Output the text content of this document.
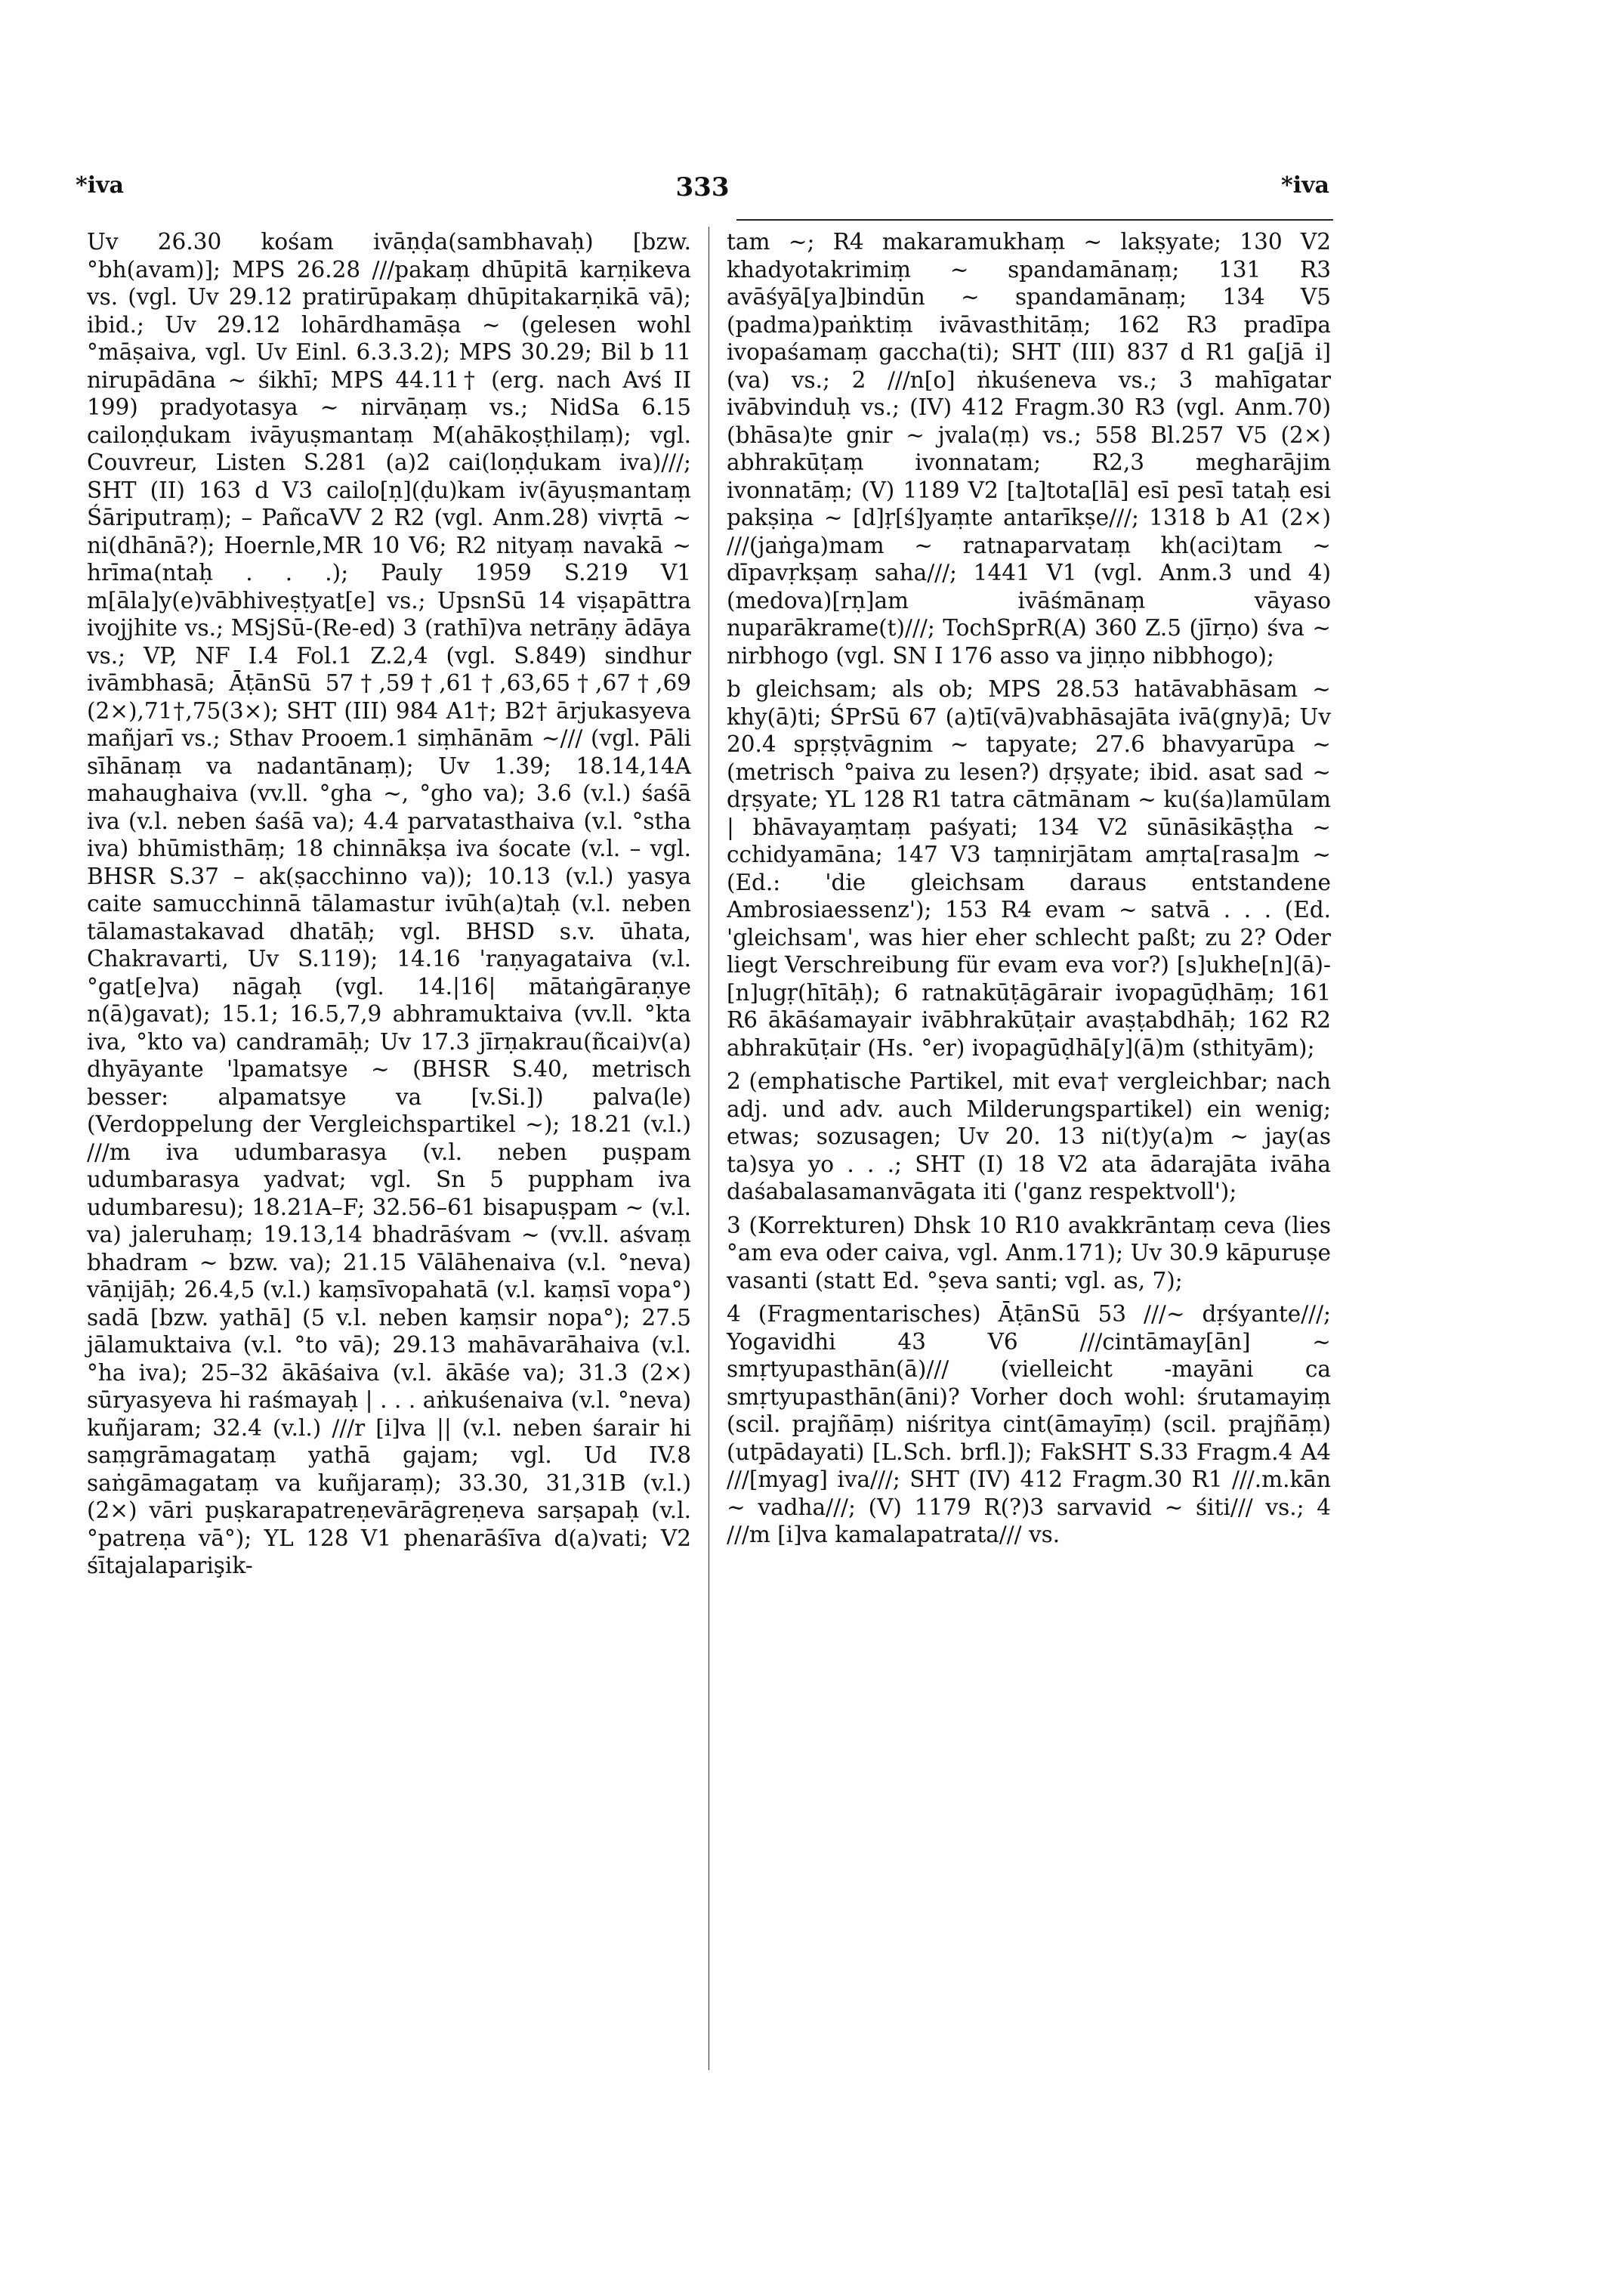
*iva	333	*iva

Uv 26.30 kośam ivāṇḍa(sambhavaḥ) [bzw. °bh(avam)]; MPS 26.28 ///pakaṃ dhūpitā karṇikeva vs. (vgl. Uv 29.12 pratirūpakaṃ dhūpitakarṇikā vā); ibid.; Uv 29.12 lohārdhamāṣa ~ (gelesen wohl °māṣaiva, vgl. Uv Einl. 6.3.3.2); MPS 30.29; Bil b 11 nirupādāna ~ śikhī; MPS 44.11† (erg. nach Avś II 199) pradyotasya ~ nirvāṇaṃ vs.; NidSa 6.15 cailoṇḍukam ivāyuṣmantaṃ M(ahākoṣṭhilaṃ); vgl. Couvreur, Listen S.281 (a)2 cai(loṇḍukam iva)///; SHT (II) 163 d V3 cailo[ṇ](ḍu)kam iv(āyuṣmantaṃ Śāriputraṃ); – PañcaVV 2 R2 (vgl. Anm.28) vivṛtā ~ ni(dhānā?); Hoernle,MR 10 V6; R2 nityaṃ navakā ~ hrīma(ntaḥ . . .); Pauly 1959 S.219 V1 m[āla]y(e)vābhiveṣṭyat[e] vs.; UpsnSū 14 viṣapāttra ivojjhite vs.; MSjSū-(Re-ed) 3 (rathī)va netrāṇy ādāya vs.; VP, NF I.4 Fol.1 Z.2,4 (vgl. S.849) sindhur ivāmbhasā; ĀṭānSū 57†,59†,61†,63,65†,67†,69 (2×),71†,75(3×); SHT (III) 984 A1†; B2† ārjukasyeva mañjarī vs.; Sthav Prooem.1 siṃhānām ~/// (vgl. Pāli sīhānaṃ va nadantānaṃ); Uv 1.39; 18.14,14A mahaughaiva (vv.ll. °gha ~, °gho va); 3.6 (v.l.) śaśā iva (v.l. neben śaśā va); 4.4 parvatasthaiva (v.l. °stha iva) bhūmisthāṃ; 18 chinnākṣa iva śocate (v.l. – vgl. BHSR S.37 – ak(ṣacchinno va)); 10.13 (v.l.) yasya caite samucchinnā tālamastur ivūh(a)taḥ (v.l. neben tālamastakavad dhatāḥ; vgl. BHSD s.v. ūhata, Chakravarti, Uv S.119); 14.16 'raṇyagataiva (v.l. °gat[e]va) nāgaḥ (vgl. 14.|16| mātaṅgāraṇye n(ā)gavat); 15.1; 16.5,7,9 abhramuktaiva (vv.ll. °kta iva, °kto va) candramāḥ; Uv 17.3 jīrṇakrau(ñcai)v(a) dhyāyante 'lpamatsye ~ (BHSR S.40, metrisch besser: alpamatsye va [v.Si.]) palva(le) (Verdoppelung der Vergleichspartikel ~); 18.21 (v.l.) ///m iva udumbarasya (v.l. neben puṣpam udumbarasya yadvat; vgl. Sn 5 puppham iva udumbaresu); 18.21A–F; 32.56–61 bisapuṣpam ~ (v.l. va) jaleruhaṃ; 19.13,14 bhadrāśvam ~ (vv.ll. aśvaṃ bhadram ~ bzw. va); 21.15 Vālāhenaiva (v.l. °neva) vāṇijāḥ; 26.4,5 (v.l.) kaṃsīvopahatā (v.l. kaṃsī vopa°) sadā [bzw. yathā] (5 v.l. neben kaṃsir nopa°); 27.5 jālamuktaiva (v.l. °to vā); 29.13 mahāvarāhaiva (v.l. °ha iva); 25–32 ākāśaiva (v.l. ākāśe va); 31.3 (2×) sūryasyeva hi raśmayaḥ | . . . aṅkuśenaiva (v.l. °neva) kuñjaram; 32.4 (v.l.) ///r [i]va || (v.l. neben śarair hi saṃgrāmagataṃ yathā gajam; vgl. Ud IV.8 saṅgāmagataṃ va kuñjaraṃ); 33.30, 31,31B (v.l.) (2×) vāri puṣkarapatreṇevārāgreṇeva sarṣapaḥ (v.l. °patreṇa vā°); YL 128 V1 phenarāśīva d(a)vati; V2 śītajalaparişik-

tam ~; R4 makaramukhaṃ ~ lakṣyate; 130 V2 khadyotakrimiṃ ~ spandamānaṃ; 131 R3 avāśyā[ya]bindūn ~ spandamānaṃ; 134 V5 (padma)paṅktiṃ ivāvasthitāṃ; 162 R3 pradīpa ivopaśamaṃ gaccha(ti); SHT (III) 837 d R1 ga[jā i](va) vs.; 2 ///n[o] ṅkuśeneva vs.; 3 mahīgatar ivābvinduḥ vs.; (IV) 412 Fragm.30 R3 (vgl. Anm.70) (bhāsa)te gnir ~ jvala(ṃ) vs.; 558 Bl.257 V5 (2×) abhrakūṭaṃ ivonnatam; R2,3 megharājim ivonnatāṃ; (V) 1189 V2 [ta]tota[lā] esī pesī tataḥ esi pakṣiṇa ~ [d]ṛ[ś]yaṃte antarīkṣe///; 1318 b A1 (2×) ///(jaṅga)mam ~ ratnaparvataṃ kh(aci)tam ~ dīpavṛkṣaṃ saha///; 1441 V1 (vgl. Anm.3 und 4) (medova)[rṇ]am ivāśmānaṃ vāyaso nuparākrame(t)///; TochSprR(A) 360 Z.5 (jīrṇo) śva ~ nirbhogo (vgl. SN I 176 asso va jiṇṇo nibbhogo);

b gleichsam; als ob; MPS 28.53 hatāvabhāsam ~ khy(ā)ti; ŚPrSū 67 (a)tī(vā)vabhāsajāta ivā(gny)ā; Uv 20.4 spṛṣṭvāgnim ~ tapyate; 27.6 bhavyarūpa ~ (metrisch °paiva zu lesen?) dṛṣyate; ibid. asat sad ~ dṛṣyate; YL 128 R1 tatra cātmānam ~ ku(śa)lamūlam | bhāvayaṃtaṃ paśyati; 134 V2 sūnāsikāṣṭha ~ cchidyamāna; 147 V3 taṃnirjātam amṛta[rasa]m ~ (Ed.: 'die gleichsam daraus entstandene Ambrosiaessenz'); 153 R4 evam ~ satvā . . . (Ed. 'gleichsam', was hier eher schlecht paßt; zu 2? Oder liegt Verschreibung für evam eva vor?) [s]ukhe[n](ā)-[n]ugṛ(hītāḥ); 6 ratnakūṭāgārair ivopagūḍhāṃ; 161 R6 ākāśamayair ivābhrakūṭair avaṣṭabdhāḥ; 162 R2 abhrakūṭair (Hs. °er) ivopagūḍhā[y](ā)m (sthityām);

2 (emphatische Partikel, mit eva† vergleichbar; nach adj. und adv. auch Milderungspartikel) ein wenig; etwas; sozusagen; Uv 20. 13 ni(t)y(a)m ~ jay(as ta)sya yo . . .; SHT (I) 18 V2 ata ādarajāta ivāha daśabalasamanvāgata iti ('ganz respektvoll');

3 (Korrekturen) Dhsk 10 R10 avakkrāntaṃ ceva (lies °am eva oder caiva, vgl. Anm.171); Uv 30.9 kāpuruṣe vasanti (statt Ed. °ṣeva santi; vgl. as, 7);

4 (Fragmentarisches) ĀṭānSū 53 ///~ dṛśyante///; Yogavidhi 43 V6 ///cintāmay[ān] ~ smṛtyupasthān(ā)/// (vielleicht -mayāni ca smṛtyupasthān(āni)? Vorher doch wohl: śrutamayiṃ (scil. prajñāṃ) niśritya cint(āmayīṃ) (scil. prajñāṃ) (utpādayati) [L.Sch. brfl.]); FakSHT S.33 Fragm.4 A4 ///[myag] iva///; SHT (IV) 412 Fragm.30 R1 ///.m.kān ~ vadha///; (V) 1179 R(?)3 sarvavid ~ śiti/// vs.; 4 ///m [i]va kamalapatrata/// vs.
